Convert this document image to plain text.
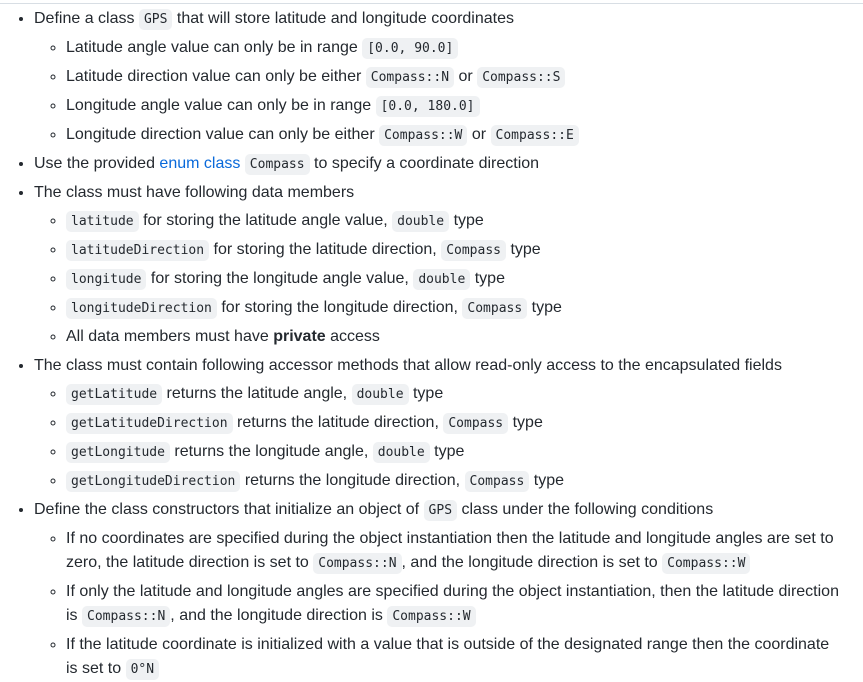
• Define a class GPS that will store latitude and longitude coordinates
◦ Latitude angle value can only be in range [0.0, 90.0]
◦ Latitude direction value can only be either Compass::N or Compass::S
◦ Longitude angle value can only be in range [0.0, 180.0]
◦ Longitude direction value can only be either Compass::W or Compass::E
• Use the provided enum class Compass to specify a coordinate direction
• The class must have following data members
◦ latitude for storing the latitude angle value, double type
◦ latitudeDirection for storing the latitude direction, Compass type
◦ longitude for storing the longitude angle value, double type
◦ longitudeDirection for storing the longitude direction, Compass type
◦ All data members must have private access
• The class must contain following accessor methods that allow read-only access to the encapsulated fields
◦ getLatitude returns the latitude angle, double type
◦ getLatitudeDirection returns the latitude direction, Compass type
◦ getLongitude returns the longitude angle, double type
◦ getLongitudeDirection returns the longitude direction, Compass type
• Define the class constructors that initialize an object of GPS class under the following conditions
◦ If no coordinates are specified during the object instantiation then the latitude and longitude angles are set to zero, the latitude direction is set to Compass::N , and the longitude direction is set to Compass::W
◦ If only the latitude and longitude angles are specified during the object instantiation, then the latitude direction is Compass::N , and the longitude direction is Compass::W
◦ If the latitude coordinate is initialized with a value that is outside of the designated range then the coordinate is set to 0°N
